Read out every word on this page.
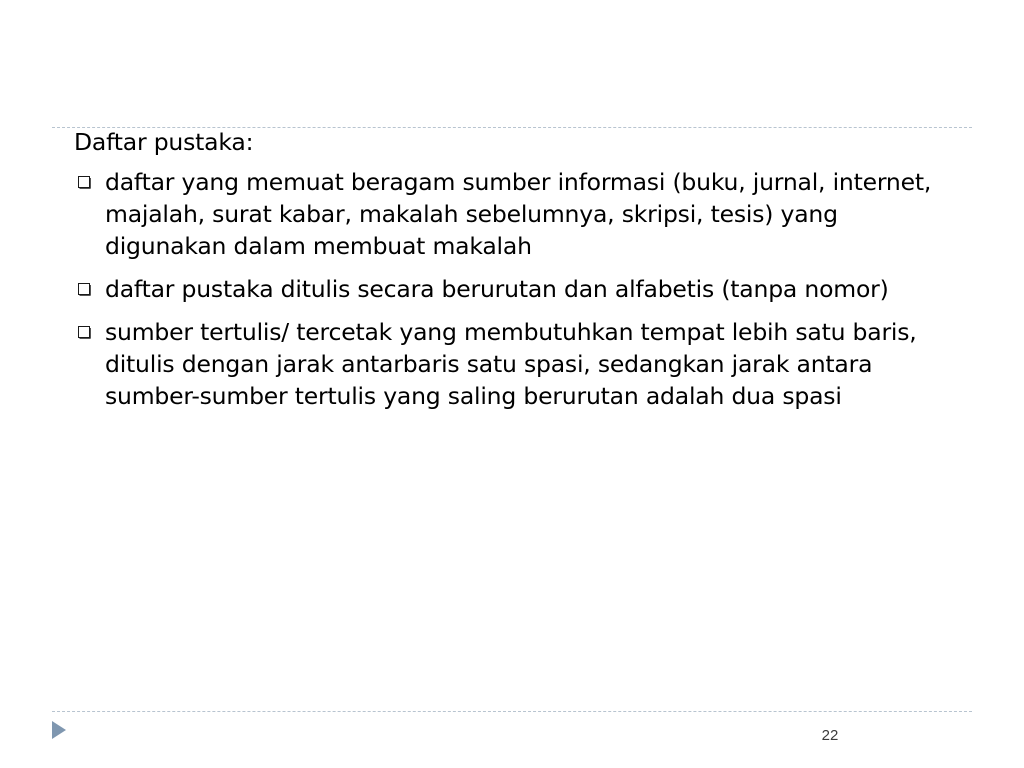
Daftar pustaka:
daftar yang memuat beragam sumber informasi (buku, jurnal, internet, majalah, surat kabar, makalah sebelumnya, skripsi, tesis) yang digunakan dalam membuat makalah
daftar pustaka ditulis secara berurutan dan alfabetis (tanpa nomor)
sumber tertulis/ tercetak yang membutuhkan tempat lebih satu baris, ditulis dengan jarak antarbaris satu spasi, sedangkan jarak antara sumber-sumber tertulis yang saling berurutan adalah dua spasi
22
